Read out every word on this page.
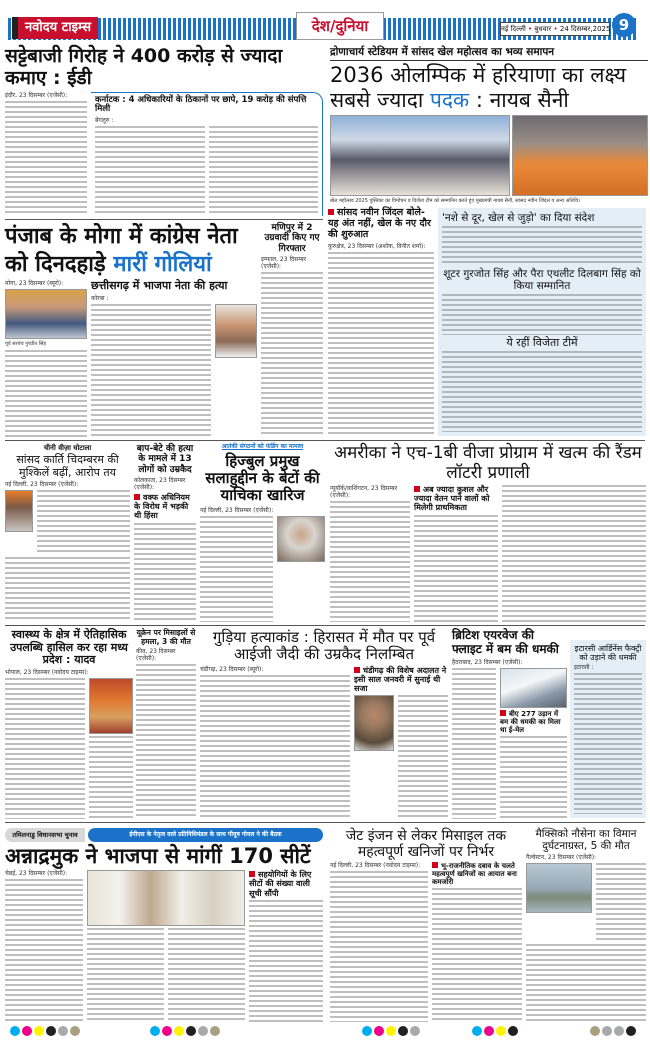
नवोदय टाइम्स	देश/दुनिया	नई दिल्ली • बुधवार • 24 दिसम्बर,2025 9
सट्टेबाजी गिरोह ने 400 करोड़ से ज्यादा कमाए : ईडी
इंदौर, 23 दिसम्बर (एजेंसी):	कर्नाटक : 4 अधिकारियों के ठिकानों पर छापे, 19 करोड़ की संपत्ति मिली
बेंगलुरु :
द्रोणाचार्य स्टेडियम में सांसद खेल महोत्सव का भव्य समापन
2036 ओलम्पिक में हरियाणा का लक्ष्य सबसे ज्यादा पदक : नायब सैनी
खेल महोत्सव 2025 पुस्तिका का विमोचन व विजेता टीम को सम्मानित करते हुए मुख्यमंत्री नायब सैनी, सांसद नवीन जिंदल व अन्य अतिथि।
सांसद नवीन जिंदल बोले- यह अंत नहीं, खेल के नए दौर की शुरुआत
कुरुक्षेत्र, 23 दिसम्बर (अशोक, विनीत शर्मा):
'नशे से दूर, खेल से जुड़ो' का दिया संदेश
शूटर गुरजोत सिंह और पैरा एथलीट दिलबाग सिंह को किया सम्मानित
ये रहीं विजेता टीमें
पंजाब के मोगा में कांग्रेस नेता को दिनदहाड़े मारीं गोलियां
मोगा, 23 दिसम्बर (ब्यूरो):
पूर्व सरपंच गुरप्रीत सिंह
छत्तीसगढ़ में भाजपा नेता की हत्या
कोरबा :
मणिपुर में 2 उग्रवादी किए गए गिरफ्तार
इम्फाल, 23 दिसम्बर (एजेंसी):
चीनी वीज़ा घोटाला
सांसद कार्ति चिदम्बरम की मुश्किलें बढ़ीं, आरोप तय
नई दिल्ली, 23 दिसम्बर (एजेंसी):
बाप-बेटे की हत्या के मामले में 13 लोगों को उम्रकैद
कोलकाता, 23 दिसम्बर (एजेंसी):
वक्फ अधिनियम के विरोध में भड़की थी हिंसा
आतंकी संगठनों को फंडिंग का मामला
हिज्बुल प्रमुख सलाहुद्दीन के बेटों की याचिका खारिज
नई दिल्ली, 23 दिसम्बर (एजेंसी):
अमरीका ने एच-1बी वीजा प्रोग्राम में खत्म की रैंडम लॉटरी प्रणाली
न्यूयॉर्क/वाशिंगटन, 23 दिसम्बर (एजेंसी):
अब ज्यादा कुशल और ज्यादा वेतन पाने वालों को मिलेगी प्राथमिकता
स्वास्थ्य के क्षेत्र में ऐतिहासिक उपलब्धि हासिल कर रहा मध्य प्रदेश : यादव
भोपाल, 23 दिसम्बर (नवोदय टाइम्स):
यूक्रेन पर मिसाइलों से हमला, 3 की मौत
कीव, 23 दिसम्बर (एजेंसी):
गुड़िया हत्याकांड : हिरासत में मौत पर पूर्व आईजी जैदी की उम्रकैद निलम्बित
चंडीगढ़, 23 दिसम्बर (ब्यूरो):	चंडीगढ़ की विशेष अदालत ने इसी साल जनवरी में सुनाई थी सजा
ब्रिटिश एयरवेज की फ्लाइट में बम की धमकी
हैदराबाद, 23 दिसम्बर (एजेंसी):
बीए 277 उड़ान में बम की धमकी का मिला था ई-मेल
इटारसी आर्डिनेंस फैक्ट्री को उड़ाने की धमकी
इटारसी :
तमिलनाडु विधानसभा चुनाव	ईपीएस के नेतृत्व वाले प्रतिनिधिमंडल के साथ पीयूष गोयल ने की बैठक
अन्नाद्रमुक ने भाजपा से मांगीं 170 सीटें
चेन्नई, 23 दिसम्बर (एजेंसी):	सहयोगियों के लिए सीटों की संख्या वाली सूची सौंपी
जेट इंजन से लेकर मिसाइल तक महत्वपूर्ण खनिजों पर निर्भर
नई दिल्ली, 23 दिसम्बर (नवोदय टाइम्स):	भू-राजनीतिक दबाव के चलते महत्वपूर्ण खनिजों का आयात बना कमजोरी
मैक्सिको नौसेना का विमान दुर्घटनाग्रस्त, 5 की मौत
गैल्वेस्टन, 23 दिसम्बर (एजेंसी):
